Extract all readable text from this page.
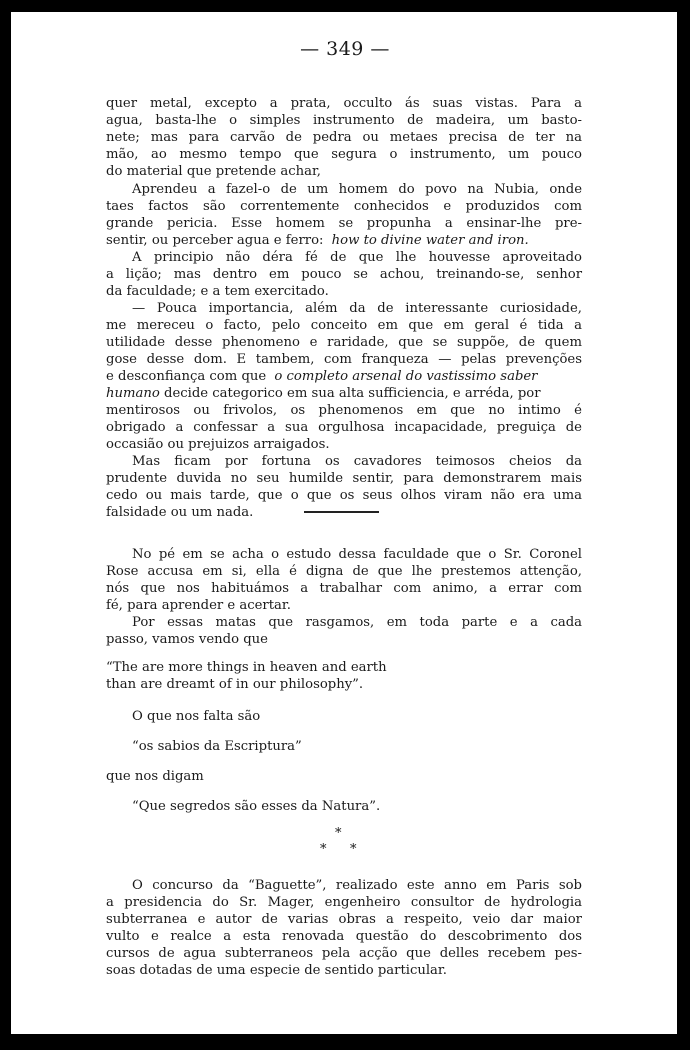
— 349 —
quer metal, excepto a prata, occulto ás suas vistas. Para a
agua, basta-lhe o simples instrumento de madeira, um basto-
nete; mas para carvão de pedra ou metaes precisa de ter na
mão, ao mesmo tempo que segura o instrumento, um pouco
do material que pretende achar,
Aprendeu a fazel-o de um homem do povo na Nubia, onde
taes factos são correntemente conhecidos e produzidos com
grande pericia. Esse homem se propunha a ensinar-lhe pre-
sentir, ou perceber agua e ferro: how to divine water and iron.
A principio não déra fé de que lhe houvesse aproveitado
a lição; mas dentro em pouco se achou, treinando-se, senhor
da faculdade; e a tem exercitado.
— Pouca importancia, além da de interessante curiosidade,
me mereceu o facto, pelo conceito em que em geral é tida a
utilidade desse phenomeno e raridade, que se suppõe, de quem
gose desse dom. E tambem, com franqueza — pelas prevenções
e desconfiança com que o completo arsenal do vastissimo saber
humano decide categorico em sua alta sufficiencia, e arréda, por
mentirosos ou frivolos, os phenomenos em que no intimo é
obrigado a confessar a sua orgulhosa incapacidade, preguiça de
occasião ou prejuizos arraigados.
Mas ficam por fortuna os cavadores teimosos cheios da
prudente duvida no seu humilde sentir, para demonstrarem mais
cedo ou mais tarde, que o que os seus olhos viram não era uma
falsidade ou um nada.
No pé em se acha o estudo dessa faculdade que o Sr. Coronel
Rose accusa em si, ella é digna de que lhe prestemos attenção,
nós que nos habituámos a trabalhar com animo, a errar com
fé, para aprender e acertar.
Por essas matas que rasgamos, em toda parte e a cada
passo, vamos vendo que
“The are more things in heaven and earth
than are dreamt of in our philosophy”.
O que nos falta são
“os sabios da Escriptura”
que nos digam
“Que segredos são esses da Natura”.
*
* *
O concurso da “Baguette”, realizado este anno em Paris sob
a presidencia do Sr. Mager, engenheiro consultor de hydrologia
subterranea e autor de varias obras a respeito, veio dar maior
vulto e realce a esta renovada questão do descobrimento dos
cursos de agua subterraneos pela acção que delles recebem pes-
soas dotadas de uma especie de sentido particular.
